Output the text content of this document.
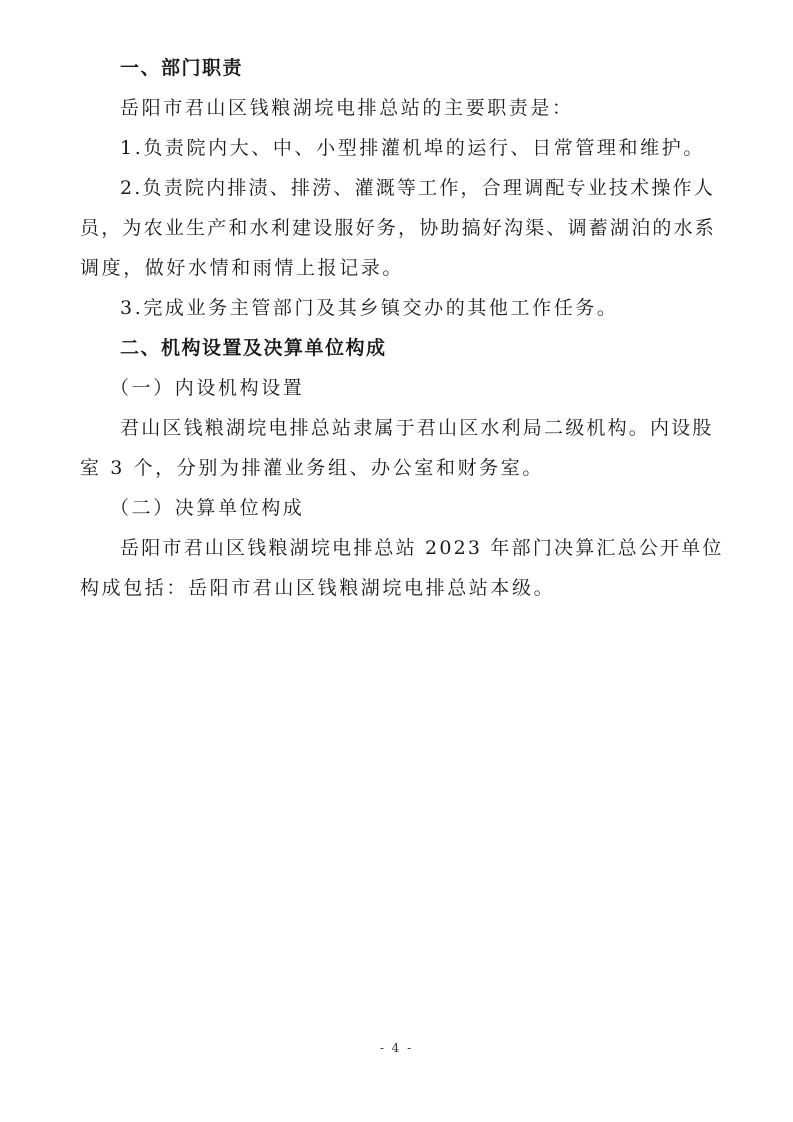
一、部门职责
岳阳市君山区钱粮湖垸电排总站的主要职责是：
1.负责院内大、中、小型排灌机埠的运行、日常管理和维护。
2.负责院内排渍、排涝、灌溉等工作，合理调配专业技术操作人
员，为农业生产和水利建设服好务，协助搞好沟渠、调蓄湖泊的水系
调度，做好水情和雨情上报记录。
3.完成业务主管部门及其乡镇交办的其他工作任务。
二、机构设置及决算单位构成
（一）内设机构设置
君山区钱粮湖垸电排总站隶属于君山区水利局二级机构。内设股
室 3 个，分别为排灌业务组、办公室和财务室。
（二）决算单位构成
岳阳市君山区钱粮湖垸电排总站 2023 年部门决算汇总公开单位
构成包括：岳阳市君山区钱粮湖垸电排总站本级。
- 4 -
